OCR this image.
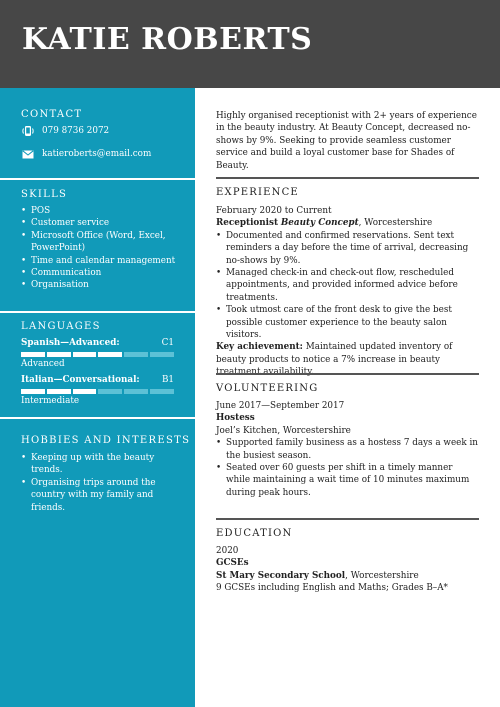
KATIE ROBERTS
CONTACT
079 8736 2072
katieroberts@email.com
SKILLS
• POS
• Customer service
• Microsoft Office (Word, Excel, PowerPoint)
• Time and calendar management
• Communication
• Organisation
LANGUAGES
Spanish—Advanced:	C1
Advanced
Italian—Conversational:	B1
Intermediate
HOBBIES AND INTERESTS
• Keeping up with the beauty trends.
• Organising trips around the country with my family and friends.

Highly organised receptionist with 2+ years of experience in the beauty industry. At Beauty Concept, decreased no-shows by 9%. Seeking to provide seamless customer service and build a loyal customer base for Shades of Beauty.

EXPERIENCE

February 2020 to Current

Receptionist Beauty Concept, Worcestershire

• Documented and confirmed reservations. Sent text reminders a day before the time of arrival, decreasing no-shows by 9%.
• Managed check-in and check-out flow, rescheduled appointments, and provided informed advice before treatments.
• Took utmost care of the front desk to give the best possible customer experience to the beauty salon visitors.

Key achievement: Maintained updated inventory of beauty products to notice a 7% increase in beauty

VOLUNTEERING

June 2017—September 2017

Hostess

Joel’s Kitchen, Worcestershire

• Supported family business as a hostess 7 days a week in the busiest season.
• Seated over 60 guests per shift in a timely manner while maintaining a wait time of 10 minutes maximum during peak hours.
EDUCATION

2020

GCSEs

St Mary Secondary School, Worcestershire

9 GCSEs including English and Maths; Grades B–A*
